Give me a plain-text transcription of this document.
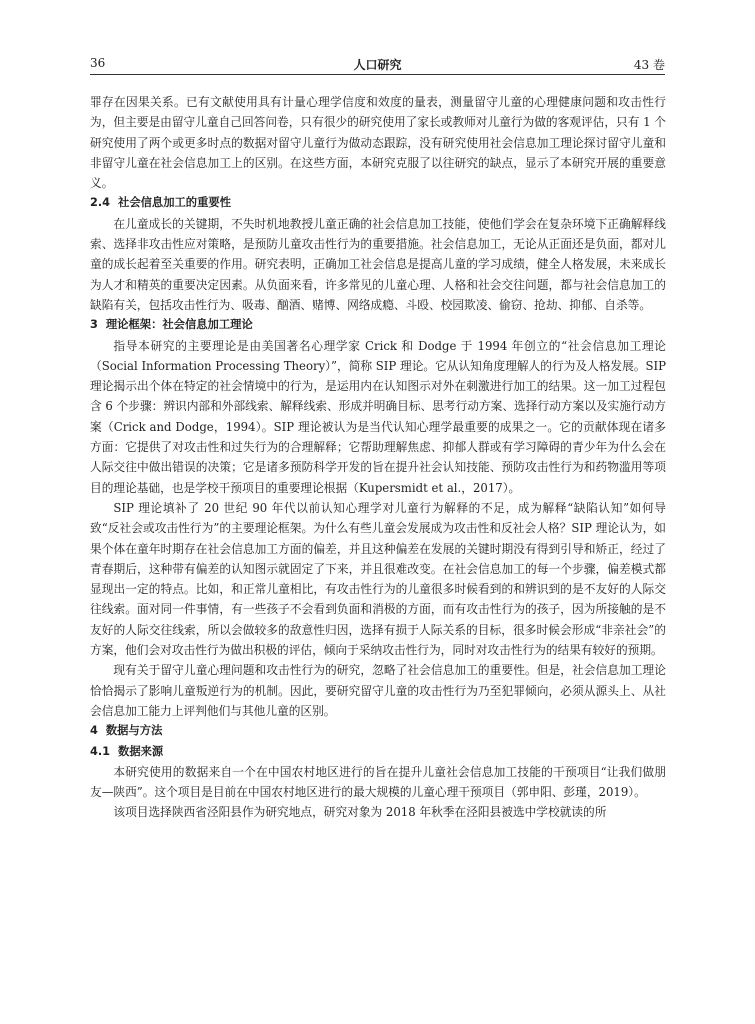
36	人口研究	43 卷

罪存在因果关系。已有文献使用具有计量心理学信度和效度的量表，测量留守儿童的心理健康问题和攻击性行为，但主要是由留守儿童自己回答问卷，只有很少的研究使用了家长或教师对儿童行为做的客观评估，只有 1 个研究使用了两个或更多时点的数据对留守儿童行为做动态跟踪，没有研究使用社会信息加工理论探讨留守儿童和非留守儿童在社会信息加工上的区别。在这些方面，本研究克服了以往研究的缺点，显示了本研究开展的重要意义。

2.4 社会信息加工的重要性

在儿童成长的关键期，不失时机地教授儿童正确的社会信息加工技能，使他们学会在复杂环境下正确解释线索、选择非攻击性应对策略，是预防儿童攻击性行为的重要措施。社会信息加工，无论从正面还是负面，都对儿童的成长起着至关重要的作用。研究表明，正确加工社会信息是提高儿童的学习成绩，健全人格发展，未来成长为人才和精英的重要决定因素。从负面来看，许多常见的儿童心理、人格和社会交往问题，都与社会信息加工的缺陷有关，包括攻击性行为、吸毒、酗酒、赌博、网络成瘾、斗殴、校园欺凌、偷窃、抢劫、抑郁、自杀等。

3 理论框架：社会信息加工理论

指导本研究的主要理论是由美国著名心理学家 Crick 和 Dodge 于 1994 年创立的“社会信息加工理论（Social Information Processing Theory）”，简称 SIP 理论。它从认知角度理解人的行为及人格发展。SIP 理论揭示出个体在特定的社会情境中的行为，是运用内在认知图示对外在刺激进行加工的结果。这一加工过程包含 6 个步骤：辨识内部和外部线索、解释线索、形成并明确目标、思考行动方案、选择行动方案以及实施行动方案（Crick and Dodge，1994）。SIP 理论被认为是当代认知心理学最重要的成果之一。它的贡献体现在诸多方面：它提供了对攻击性和过失行为的合理解释；它帮助理解焦虑、抑郁人群或有学习障碍的青少年为什么会在人际交往中做出错误的决策；它是诸多预防科学开发的旨在提升社会认知技能、预防攻击性行为和药物滥用等项目的理论基础，也是学校干预项目的重要理论根据（Kupersmidt et al.，2017）。

SIP 理论填补了 20 世纪 90 年代以前认知心理学对儿童行为解释的不足，成为解释“缺陷认知”如何导致“反社会或攻击性行为”的主要理论框架。为什么有些儿童会发展成为攻击性和反社会人格？SIP 理论认为，如果个体在童年时期存在社会信息加工方面的偏差，并且这种偏差在发展的关键时期没有得到引导和矫正，经过了青春期后，这种带有偏差的认知图示就固定了下来，并且很难改变。在社会信息加工的每一个步骤，偏差模式都显现出一定的特点。比如，和正常儿童相比，有攻击性行为的儿童很多时候看到的和辨识到的是不友好的人际交往线索。面对同一件事情，有一些孩子不会看到负面和消极的方面，而有攻击性行为的孩子，因为所接触的是不友好的人际交往线索，所以会做较多的敌意性归因，选择有损于人际关系的目标，很多时候会形成“非亲社会”的方案，他们会对攻击性行为做出积极的评估，倾向于采纳攻击性行为，同时对攻击性行为的结果有较好的预期。

现有关于留守儿童心理问题和攻击性行为的研究，忽略了社会信息加工的重要性。但是，社会信息加工理论恰恰揭示了影响儿童叛逆行为的机制。因此，要研究留守儿童的攻击性行为乃至犯罪倾向，必须从源头上、从社会信息加工能力上评判他们与其他儿童的区别。

4 数据与方法
4.1 数据来源

本研究使用的数据来自一个在中国农村地区进行的旨在提升儿童社会信息加工技能的干预项目“让我们做朋友—陕西”。这个项目是目前在中国农村地区进行的最大规模的儿童心理干预项目（郭申阳、彭瑾，2019）。

该项目选择陕西省泾阳县作为研究地点，研究对象为 2018 年秋季在泾阳县被选中学校就读的所
